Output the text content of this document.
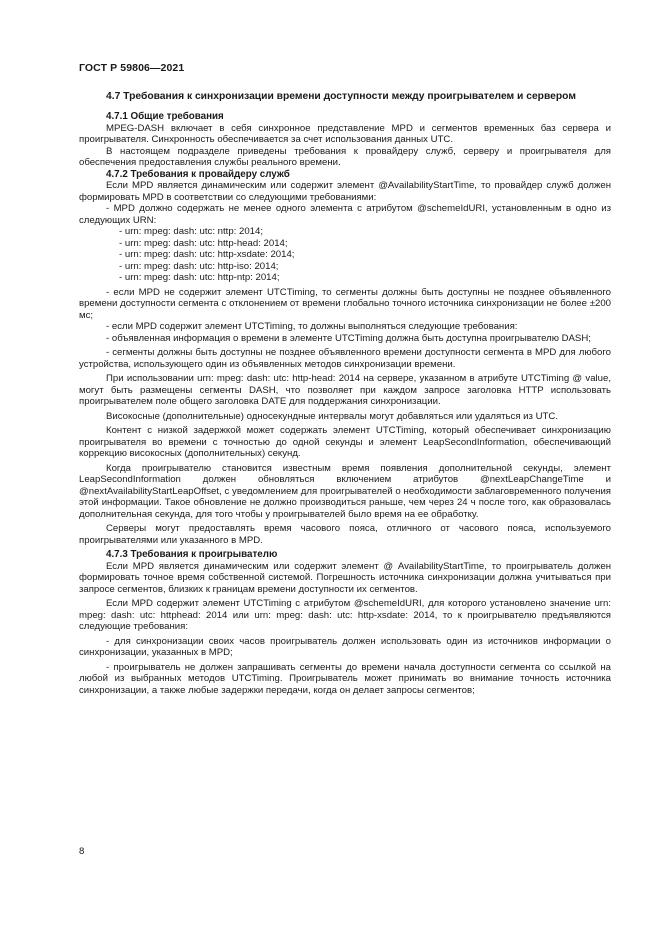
ГОСТ Р 59806—2021
4.7 Требования к синхронизации времени доступности между проигрывателем и сервером
4.7.1 Общие требования

MPEG-DASH включает в себя синхронное представление MPD и сегментов временных баз сервера и проигрывателя. Синхронность обеспечивается за счет использования данных UTC.

В настоящем подразделе приведены требования к провайдеру служб, серверу и проигрывателя для обеспечения предоставления службы реального времени.

4.7.2 Требования к провайдеру служб

Если MPD является динамическим или содержит элемент @AvailabilityStartTime, то провайдер служб должен формировать MPD в соответствии со следующими требованиями:

- MPD должно содержать не менее одного элемента с атрибутом @schemeIdURI, установленным в одно из следующих URN:

- urn: mpeg: dash: utc: nttp: 2014;
- urn: mpeg: dash: utc: http-head: 2014;
- urn: mpeg: dash: utc: http-xsdate: 2014;
- urn: mpeg: dash: utc: http-iso: 2014;
- urn: mpeg: dash: utc: http-ntp: 2014;

- если MPD не содержит элемент UTCTiming, то сегменты должны быть доступны не позднее объявленного времени доступности сегмента с отклонением от времени глобально точного источника синхронизации не более ±200 мс;

- если MPD содержит элемент UTCTiming, то должны выполняться следующие требования:

- объявленная информация о времени в элементе UTCTiming должна быть доступна проигрывателю DASH;

- сегменты должны быть доступны не позднее объявленного времени доступности сегмента в MPD для любого устройства, использующего один из объявленных методов синхронизации времени.

При использовании urn: mpeg: dash: utc: http-head: 2014 на сервере, указанном в атрибуте UTCTiming @ value, могут быть размещены сегменты DASH, что позволяет при каждом запросе заголовка HTTP использовать проигрывателем поле общего заголовка DATE для поддержания синхронизации.

Високосные (дополнительные) односекундные интервалы могут добавляться или удаляться из UTC.

Контент с низкой задержкой может содержать элемент UTCTiming, который обеспечивает синхронизацию проигрывателя во времени с точностью до одной секунды и элемент LeapSecondInformation, обеспечивающий коррекцию високосных (дополнительных) секунд.

Когда проигрывателю становится известным время появления дополнительной секунды, элемент LeapSecondInformation должен обновляться включением атрибутов @nextLeapChangeTime и @nextAvailabilityStartLeapOffset, с уведомлением для проигрывателей о необходимости заблаговременного получения этой информации. Такое обновление не должно производиться раньше, чем через 24 ч после того, как образовалась дополнительная секунда, для того чтобы у проигрывателей было время на ее обработку.

Серверы могут предоставлять время часового пояса, отличного от часового пояса, используемого проигрывателями или указанного в MPD.

4.7.3 Требования к проигрывателю

Если MPD является динамическим или содержит элемент @ AvailabilityStartTime, то проигрыватель должен формировать точное время собственной системой. Погрешность источника синхронизации должна учитываться при запросе сегментов, близких к границам времени доступности их сегментов.

Если MPD содержит элемент UTCTiming с атрибутом @schemeIdURI, для которого установлено значение urn: mpeg: dash: utc: httphead: 2014 или urn: mpeg: dash: utc: http-xsdate: 2014, то к проигрывателю предъявляются следующие требования:

- для синхронизации своих часов проигрыватель должен использовать один из источников информации о синхронизации, указанных в MPD;

- проигрыватель не должен запрашивать сегменты до времени начала доступности сегмента со ссылкой на любой из выбранных методов UTCTiming. Проигрыватель может принимать во внимание точность источника синхронизации, а также любые задержки передачи, когда он делает запросы сегментов;

8
